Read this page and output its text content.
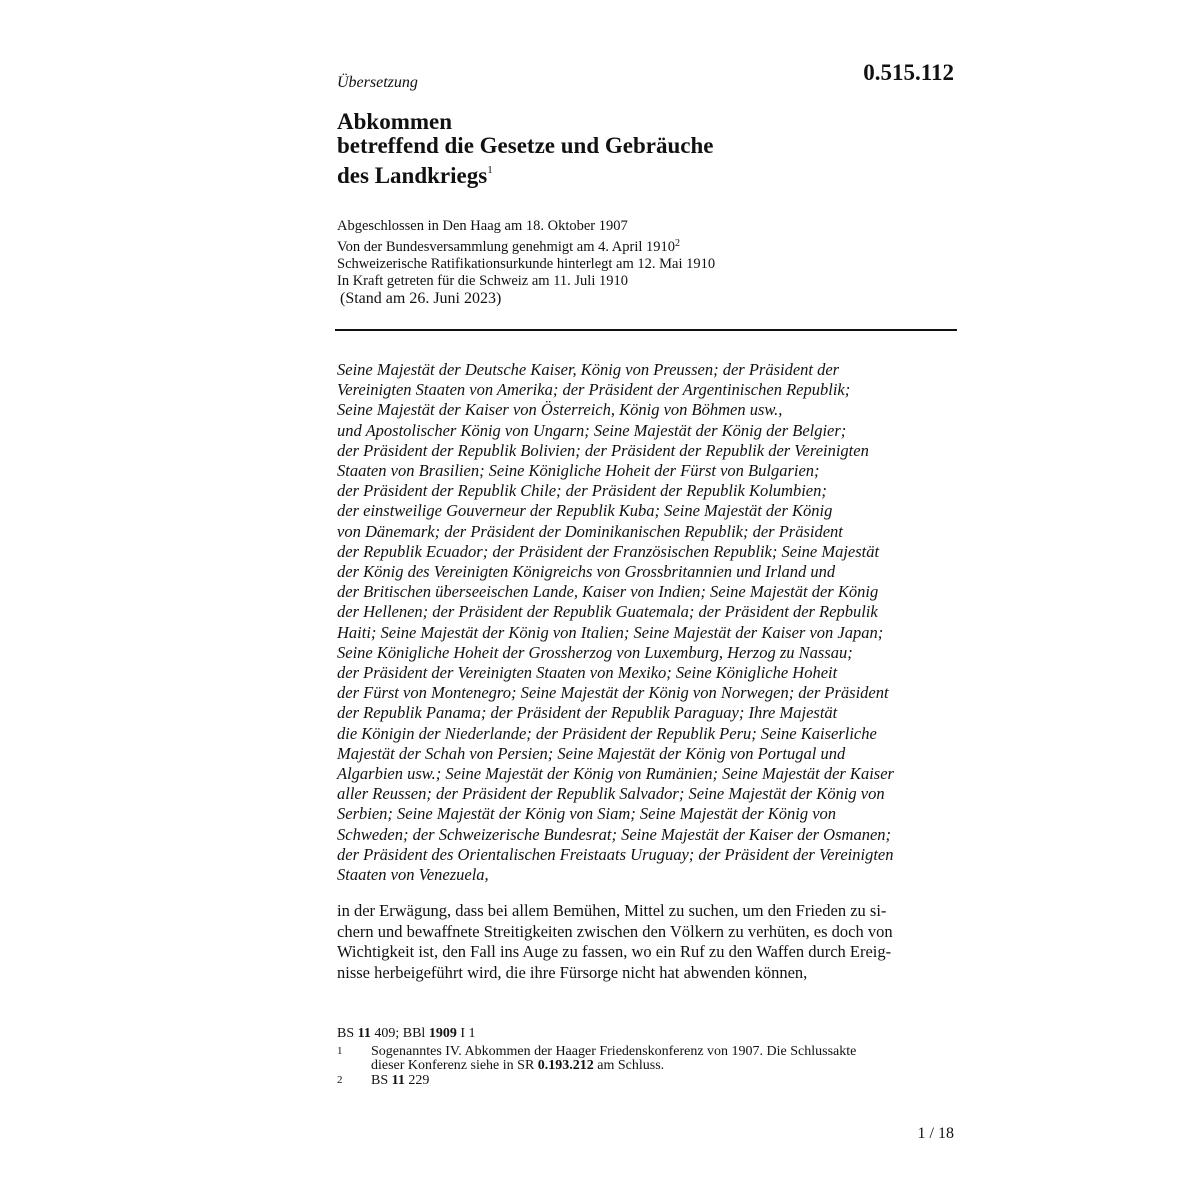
0.515.112
Übersetzung
Abkommen
betreffend die Gesetze und Gebräuche
des Landkriegs$^1$
Abgeschlossen in Den Haag am 18. Oktober 1907
Von der Bundesversammlung genehmigt am 4. April 1910$^2$
Schweizerische Ratifikationsurkunde hinterlegt am 12. Mai 1910
In Kraft getreten für die Schweiz am 11. Juli 1910
(Stand am 26. Juni 2023)
Seine Majestät der Deutsche Kaiser, König von Preussen; der Präsident der
Vereinigten Staaten von Amerika; der Präsident der Argentinischen Republik;
Seine Majestät der Kaiser von Österreich, König von Böhmen usw.,
und Apostolischer König von Ungarn; Seine Majestät der König der Belgier;
der Präsident der Republik Bolivien; der Präsident der Republik der Vereinigten
Staaten von Brasilien; Seine Königliche Hoheit der Fürst von Bulgarien;
der Präsident der Republik Chile; der Präsident der Republik Kolumbien;
der einstweilige Gouverneur der Republik Kuba; Seine Majestät der König
von Dänemark; der Präsident der Dominikanischen Republik; der Präsident
der Republik Ecuador; der Präsident der Französischen Republik; Seine Majestät
der König des Vereinigten Königreichs von Grossbritannien und Irland und
der Britischen überseeischen Lande, Kaiser von Indien; Seine Majestät der König
der Hellenen; der Präsident der Republik Guatemala; der Präsident der Repbulik
Haiti; Seine Majestät der König von Italien; Seine Majestät der Kaiser von Japan;
Seine Königliche Hoheit der Grossherzog von Luxemburg, Herzog zu Nassau;
der Präsident der Vereinigten Staaten von Mexiko; Seine Königliche Hoheit
der Fürst von Montenegro; Seine Majestät der König von Norwegen; der Präsident
der Republik Panama; der Präsident der Republik Paraguay; Ihre Majestät
die Königin der Niederlande; der Präsident der Republik Peru; Seine Kaiserliche
Majestät der Schah von Persien; Seine Majestät der König von Portugal und
Algarbien usw.; Seine Majestät der König von Rumänien; Seine Majestät der Kaiser
aller Reussen; der Präsident der Republik Salvador; Seine Majestät der König von
Serbien; Seine Majestät der König von Siam; Seine Majestät der König von
Schweden; der Schweizerische Bundesrat; Seine Majestät der Kaiser der Osmanen;
der Präsident des Orientalischen Freistaats Uruguay; der Präsident der Vereinigten
Staaten von Venezuela,
in der Erwägung, dass bei allem Bemühen, Mittel zu suchen, um den Frieden zu si-
chern und bewaffnete Streitigkeiten zwischen den Völkern zu verhüten, es doch von
Wichtigkeit ist, den Fall ins Auge zu fassen, wo ein Ruf zu den Waffen durch Ereig-
nisse herbeigeführt wird, die ihre Fürsorge nicht hat abwenden können,
BS 11 409; BBl 1909 I 1
1	Sogenanntes IV. Abkommen der Haager Friedenskonferenz von 1907. Die Schlussakte
dieser Konferenz siehe in SR 0.193.212 am Schluss.
2	BS 11 229
1 / 18
